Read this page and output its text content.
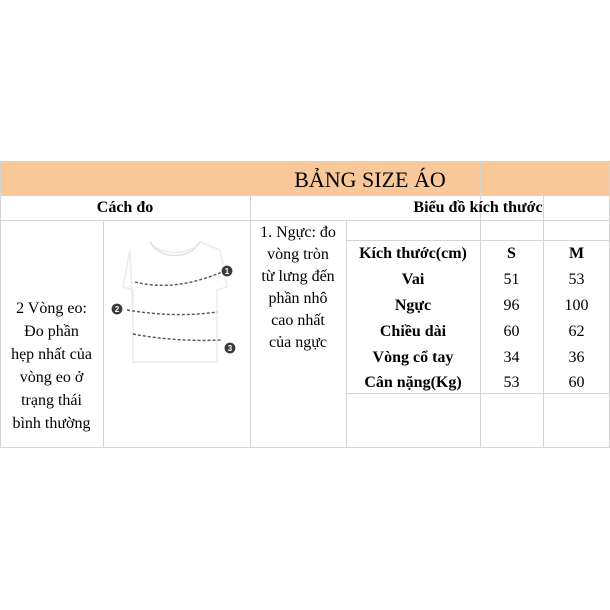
BẢNG SIZE ÁO
Cách đo	Biểu đồ kích thước
2 Vòng eo:
Đo phần
hẹp nhất của
vòng eo ở
trạng thái
bình thường
1. Ngực: đo
vòng tròn
từ lưng đến
phần nhô
cao nhất
của ngực
1
2
3
Kích thước(cm)	S	M
Vai	51	53
Ngực	96	100
Chiều dài	60	62
Vòng cổ tay	34	36
Cân nặng(Kg)	53	60
